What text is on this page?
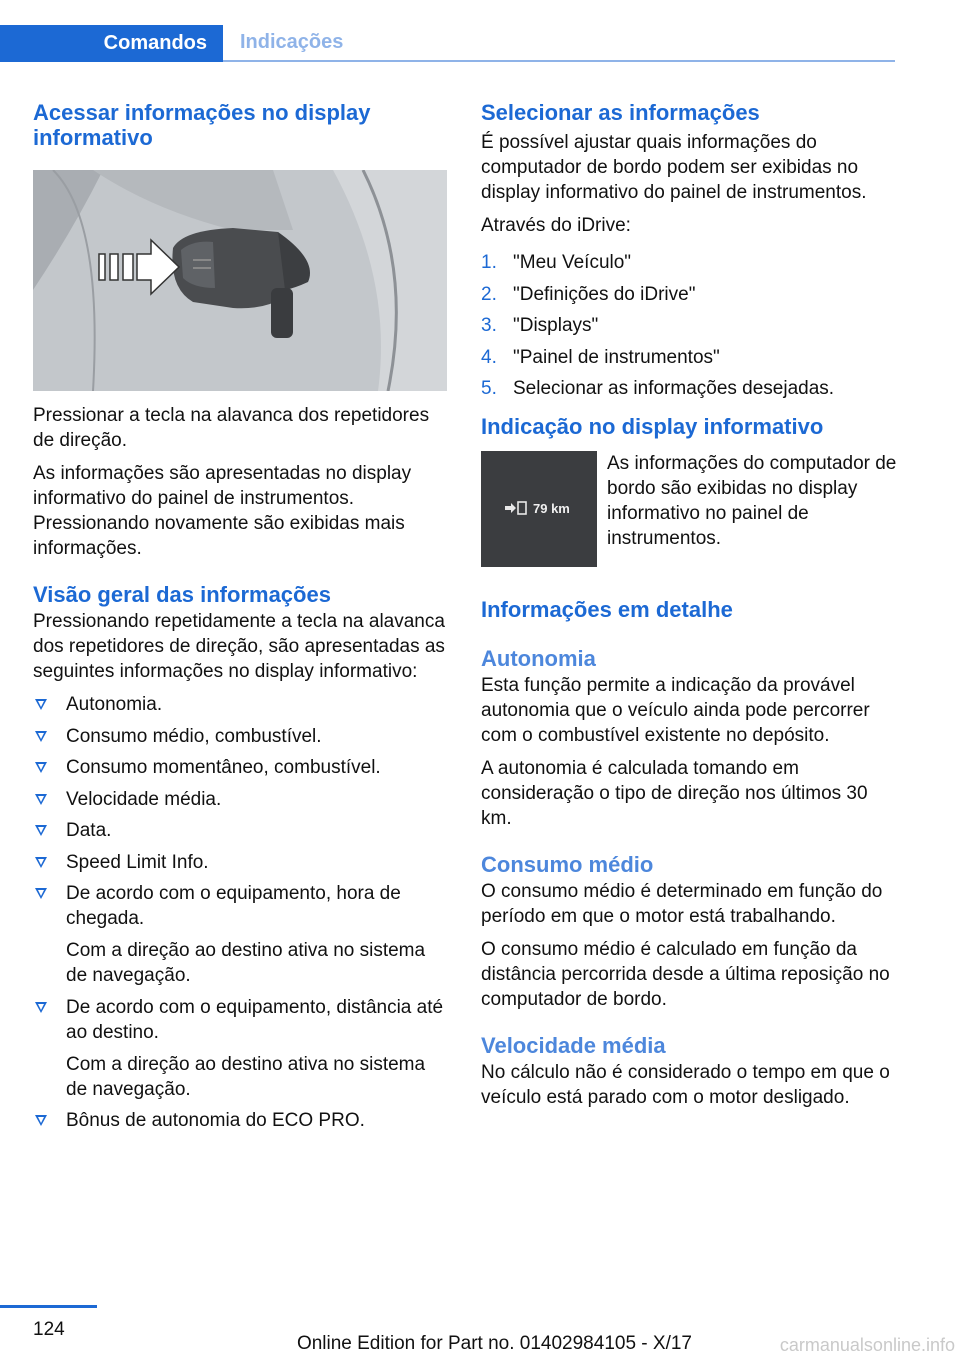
Comandos	Indicações
Acessar informações no display informativo

Pressionar a tecla na alavanca dos repetidores de direção.

As informações são apresentadas no display informativo do painel de instrumentos. Pressionando novamente são exibidas mais informações.

Visão geral das informações

Pressionando repetidamente a tecla na alavanca dos repetidores de direção, são apresentadas as seguintes informações no display informativo:

Autonomia.
Consumo médio, combustível.
Consumo momentâneo, combustível.
Velocidade média.
Data.
Speed Limit Info.
De acordo com o equipamento, hora de chegada.
Com a direção ao destino ativa no sistema de navegação.
De acordo com o equipamento, distância até ao destino.
Com a direção ao destino ativa no sistema de navegação.
Bônus de autonomia do ECO PRO.
Selecionar as informações

É possível ajustar quais informações do computador de bordo podem ser exibidas no display informativo do painel de instrumentos.

Através do iDrive:

1. "Meu Veículo"
2. "Definições do iDrive"
3. "Displays"
4. "Painel de instrumentos"
5. Selecionar as informações desejadas.
Indicação no display informativo
79 km

As informações do computador de bordo são exibidas no display informativo no painel de instrumentos.

Informações em detalhe
Autonomia

Esta função permite a indicação da provável autonomia que o veículo ainda pode percorrer com o combustível existente no depósito.

A autonomia é calculada tomando em consideração o tipo de direção nos últimos 30 km.

Consumo médio

O consumo médio é determinado em função do período em que o motor está trabalhando.

O consumo médio é calculado em função da distância percorrida desde a última reposição no computador de bordo.

Velocidade média

No cálculo não é considerado o tempo em que o veículo está parado com o motor desligado.

124
Online Edition for Part no. 01402984105 - X/17	carmanualsonline.info
